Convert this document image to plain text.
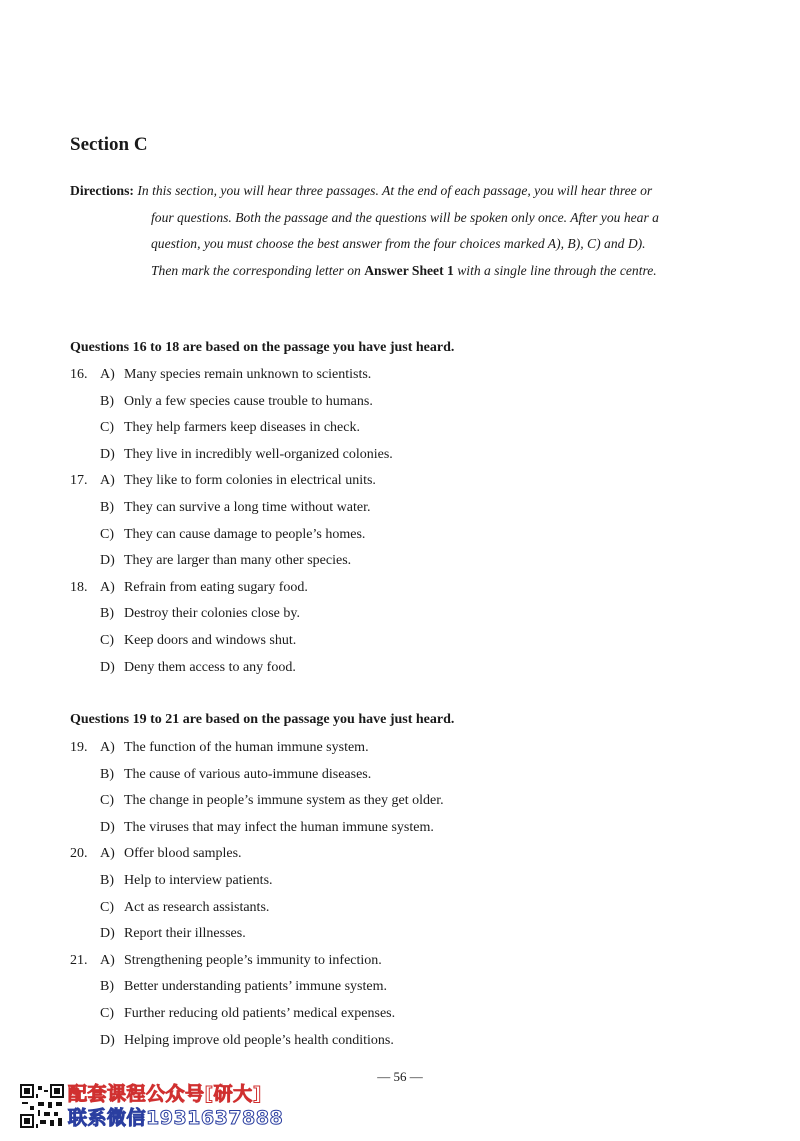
Section C
Directions: In this section, you will hear three passages. At the end of each passage, you will hear three or
four questions. Both the passage and the questions will be spoken only once. After you hear a
question, you must choose the best answer from the four choices marked A), B), C) and D).
Then mark the corresponding letter on Answer Sheet 1 with a single line through the centre.
Questions 16 to 18 are based on the passage you have just heard.
16. A) Many species remain unknown to scientists.
B) Only a few species cause trouble to humans.
C) They help farmers keep diseases in check.
D) They live in incredibly well-organized colonies.
17. A) They like to form colonies in electrical units.
B) They can survive a long time without water.
C) They can cause damage to people’s homes.
D) They are larger than many other species.
18. A) Refrain from eating sugary food.
B) Destroy their colonies close by.
C) Keep doors and windows shut.
D) Deny them access to any food.
Questions 19 to 21 are based on the passage you have just heard.
19. A) The function of the human immune system.
B) The cause of various auto-immune diseases.
C) The change in people’s immune system as they get older.
D) The viruses that may infect the human immune system.
20. A) Offer blood samples.
B) Help to interview patients.
C) Act as research assistants.
D) Report their illnesses.
21. A) Strengthening people’s immunity to infection.
B) Better understanding patients’ immune system.
C) Further reducing old patients’ medical expenses.
D) Helping improve old people’s health conditions.

— 56 —

配套课程公众号[研大]
联系微信1931637888
